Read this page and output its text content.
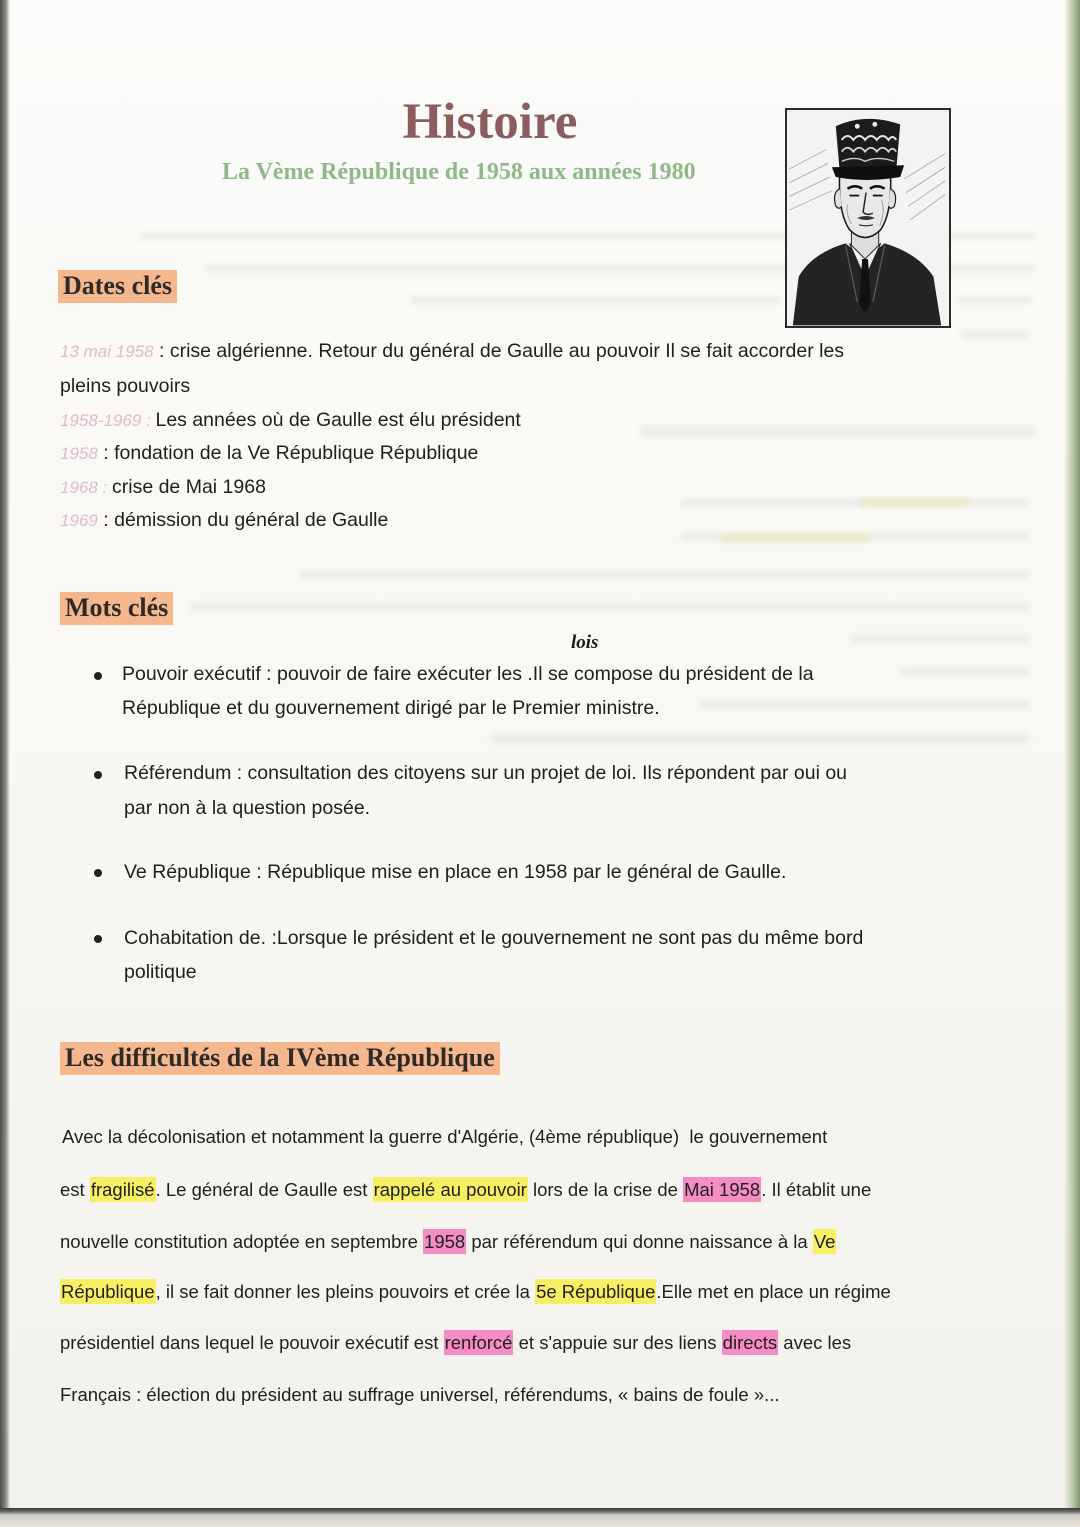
Histoire
La Vème République de 1958 aux années 1980
Dates clés
13 mai 1958 : crise algérienne. Retour du général de Gaulle au pouvoir Il se fait accorder les
pleins pouvoirs
1958-1969 : Les années où de Gaulle est élu président
1958 : fondation de la Ve République République
1968 : crise de Mai 1968
1969 : démission du général de Gaulle
Mots clés
lois
Pouvoir exécutif : pouvoir de faire exécuter les .Il se compose du président de la
République et du gouvernement dirigé par le Premier ministre.
Référendum : consultation des citoyens sur un projet de loi. Ils répondent par oui ou
par non à la question posée.
Ve République : République mise en place en 1958 par le général de Gaulle.
Cohabitation de. :Lorsque le président et le gouvernement ne sont pas du même bord
politique
Les difficultés de la IVème République
Avec la décolonisation et notamment la guerre d'Algérie, (4ème république)  le gouvernement
est fragilisé. Le général de Gaulle est rappelé au pouvoir lors de la crise de Mai 1958. Il établit une
nouvelle constitution adoptée en septembre 1958 par référendum qui donne naissance à la Ve
République, il se fait donner les pleins pouvoirs et crée la 5e République.Elle met en place un régime
présidentiel dans lequel le pouvoir exécutif est renforcé et s'appuie sur des liens directs avec les
Français : élection du président au suffrage universel, référendums, « bains de foule »...
